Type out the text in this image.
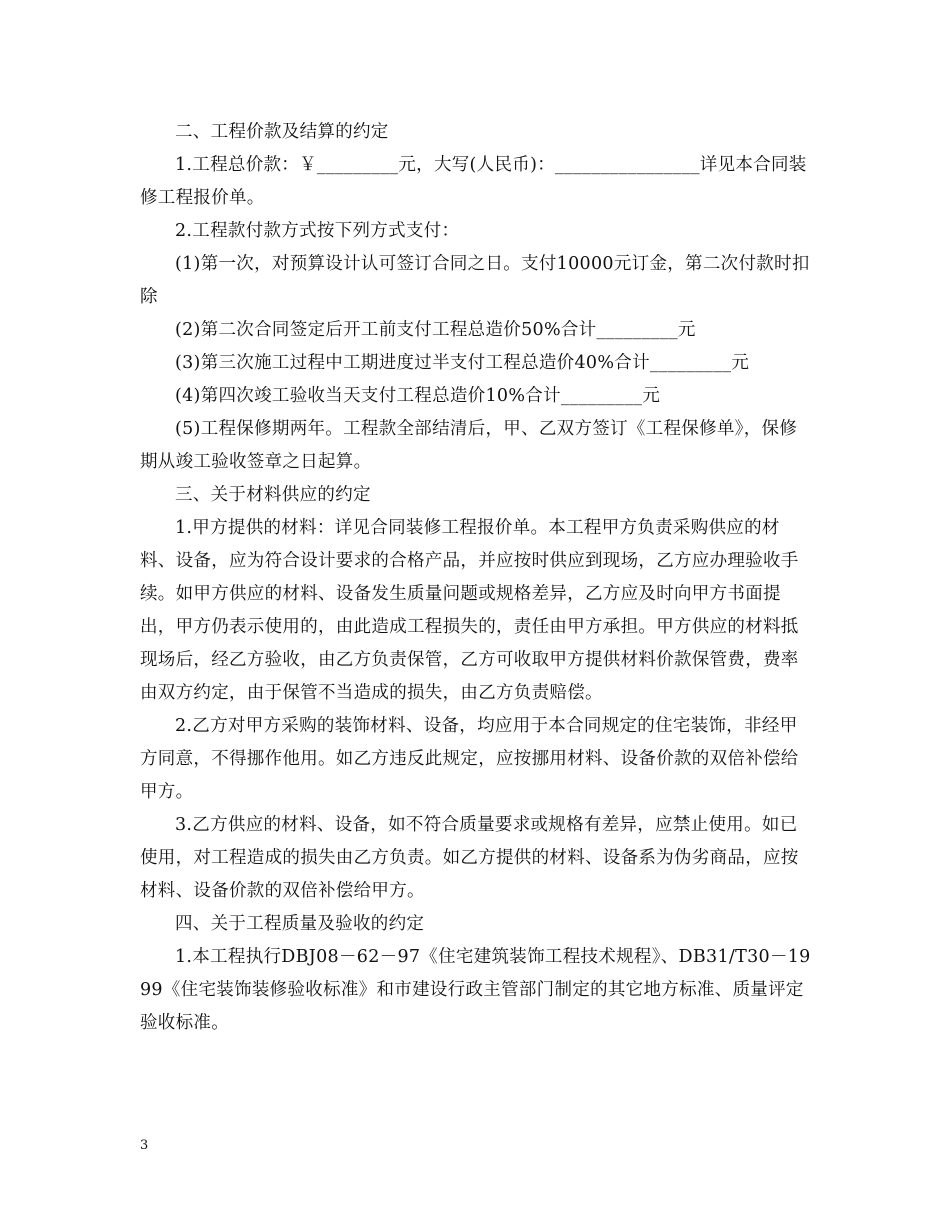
二、工程价款及结算的约定

1.工程总价款：￥_________元，大写(人民币)：________________详见本合同装修工程报价单。

2.工程款付款方式按下列方式支付：

(1)第一次，对预算设计认可签订合同之日。支付10000元订金，第二次付款时扣除

(2)第二次合同签定后开工前支付工程总造价50%合计_________元

(3)第三次施工过程中工期进度过半支付工程总造价40%合计_________元

(4)第四次竣工验收当天支付工程总造价10%合计_________元

(5)工程保修期两年。工程款全部结清后，甲、乙双方签订《工程保修单》，保修期从竣工验收签章之日起算。

三、关于材料供应的约定

1.甲方提供的材料：详见合同装修工程报价单。本工程甲方负责采购供应的材料、设备，应为符合设计要求的合格产品，并应按时供应到现场，乙方应办理验收手续。如甲方供应的材料、设备发生质量问题或规格差异，乙方应及时向甲方书面提出，甲方仍表示使用的，由此造成工程损失的，责任由甲方承担。甲方供应的材料抵现场后，经乙方验收，由乙方负责保管，乙方可收取甲方提供材料价款保管费，费率由双方约定，由于保管不当造成的损失，由乙方负责赔偿。

2.乙方对甲方采购的装饰材料、设备，均应用于本合同规定的住宅装饰，非经甲方同意，不得挪作他用。如乙方违反此规定，应按挪用材料、设备价款的双倍补偿给甲方。

3.乙方供应的材料、设备，如不符合质量要求或规格有差异，应禁止使用。如已使用，对工程造成的损失由乙方负责。如乙方提供的材料、设备系为伪劣商品，应按材料、设备价款的双倍补偿给甲方。

四、关于工程质量及验收的约定

1.本工程执行DBJ08－62－97《住宅建筑装饰工程技术规程》、DB31/T30－1999《住宅装饰装修验收标准》和市建设行政主管部门制定的其它地方标准、质量评定验收标准。

3
